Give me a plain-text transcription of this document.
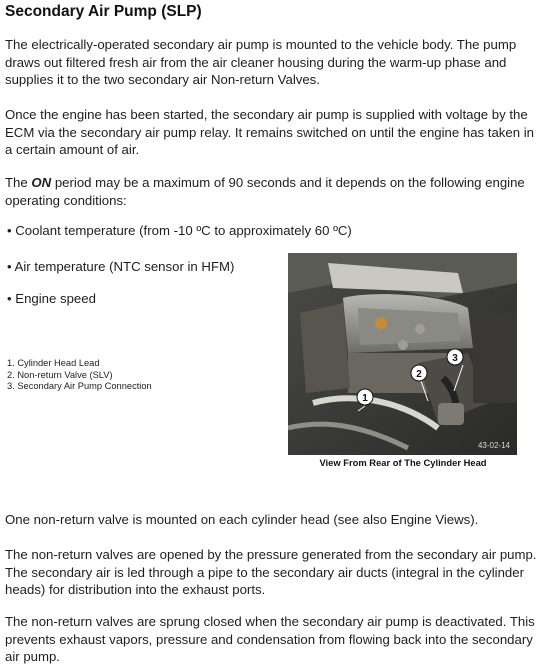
Secondary Air Pump (SLP)

The electrically-operated secondary air pump is mounted to the vehicle body. The pump draws out filtered fresh air from the air cleaner housing during the warm-up phase and supplies it to the two secondary air Non-return Valves.

Once the engine has been started, the secondary air pump is supplied with voltage by the ECM via the secondary air pump relay. It remains switched on until the engine has taken in a certain amount of air.

The ON period may be a maximum of 90 seconds and it depends on the following engine operating conditions:

• Coolant temperature (from -10 ºC to approximately 60 ºC)
• Air temperature (NTC sensor in HFM)
• Engine speed
1. Cylinder Head Lead
2. Non-return Valve (SLV)
3. Secondary Air Pump Connection
1
2
3
43-02-14
View From Rear of The Cylinder Head

One non-return valve is mounted on each cylinder head (see also Engine Views).

The non-return valves are opened by the pressure generated from the secondary air pump. The secondary air is led through a pipe to the secondary air ducts (integral in the cylinder heads) for distribution into the exhaust ports.

The non-return valves are sprung closed when the secondary air pump is deactivated. This prevents exhaust vapors, pressure and condensation from flowing back into the secondary air pump.
